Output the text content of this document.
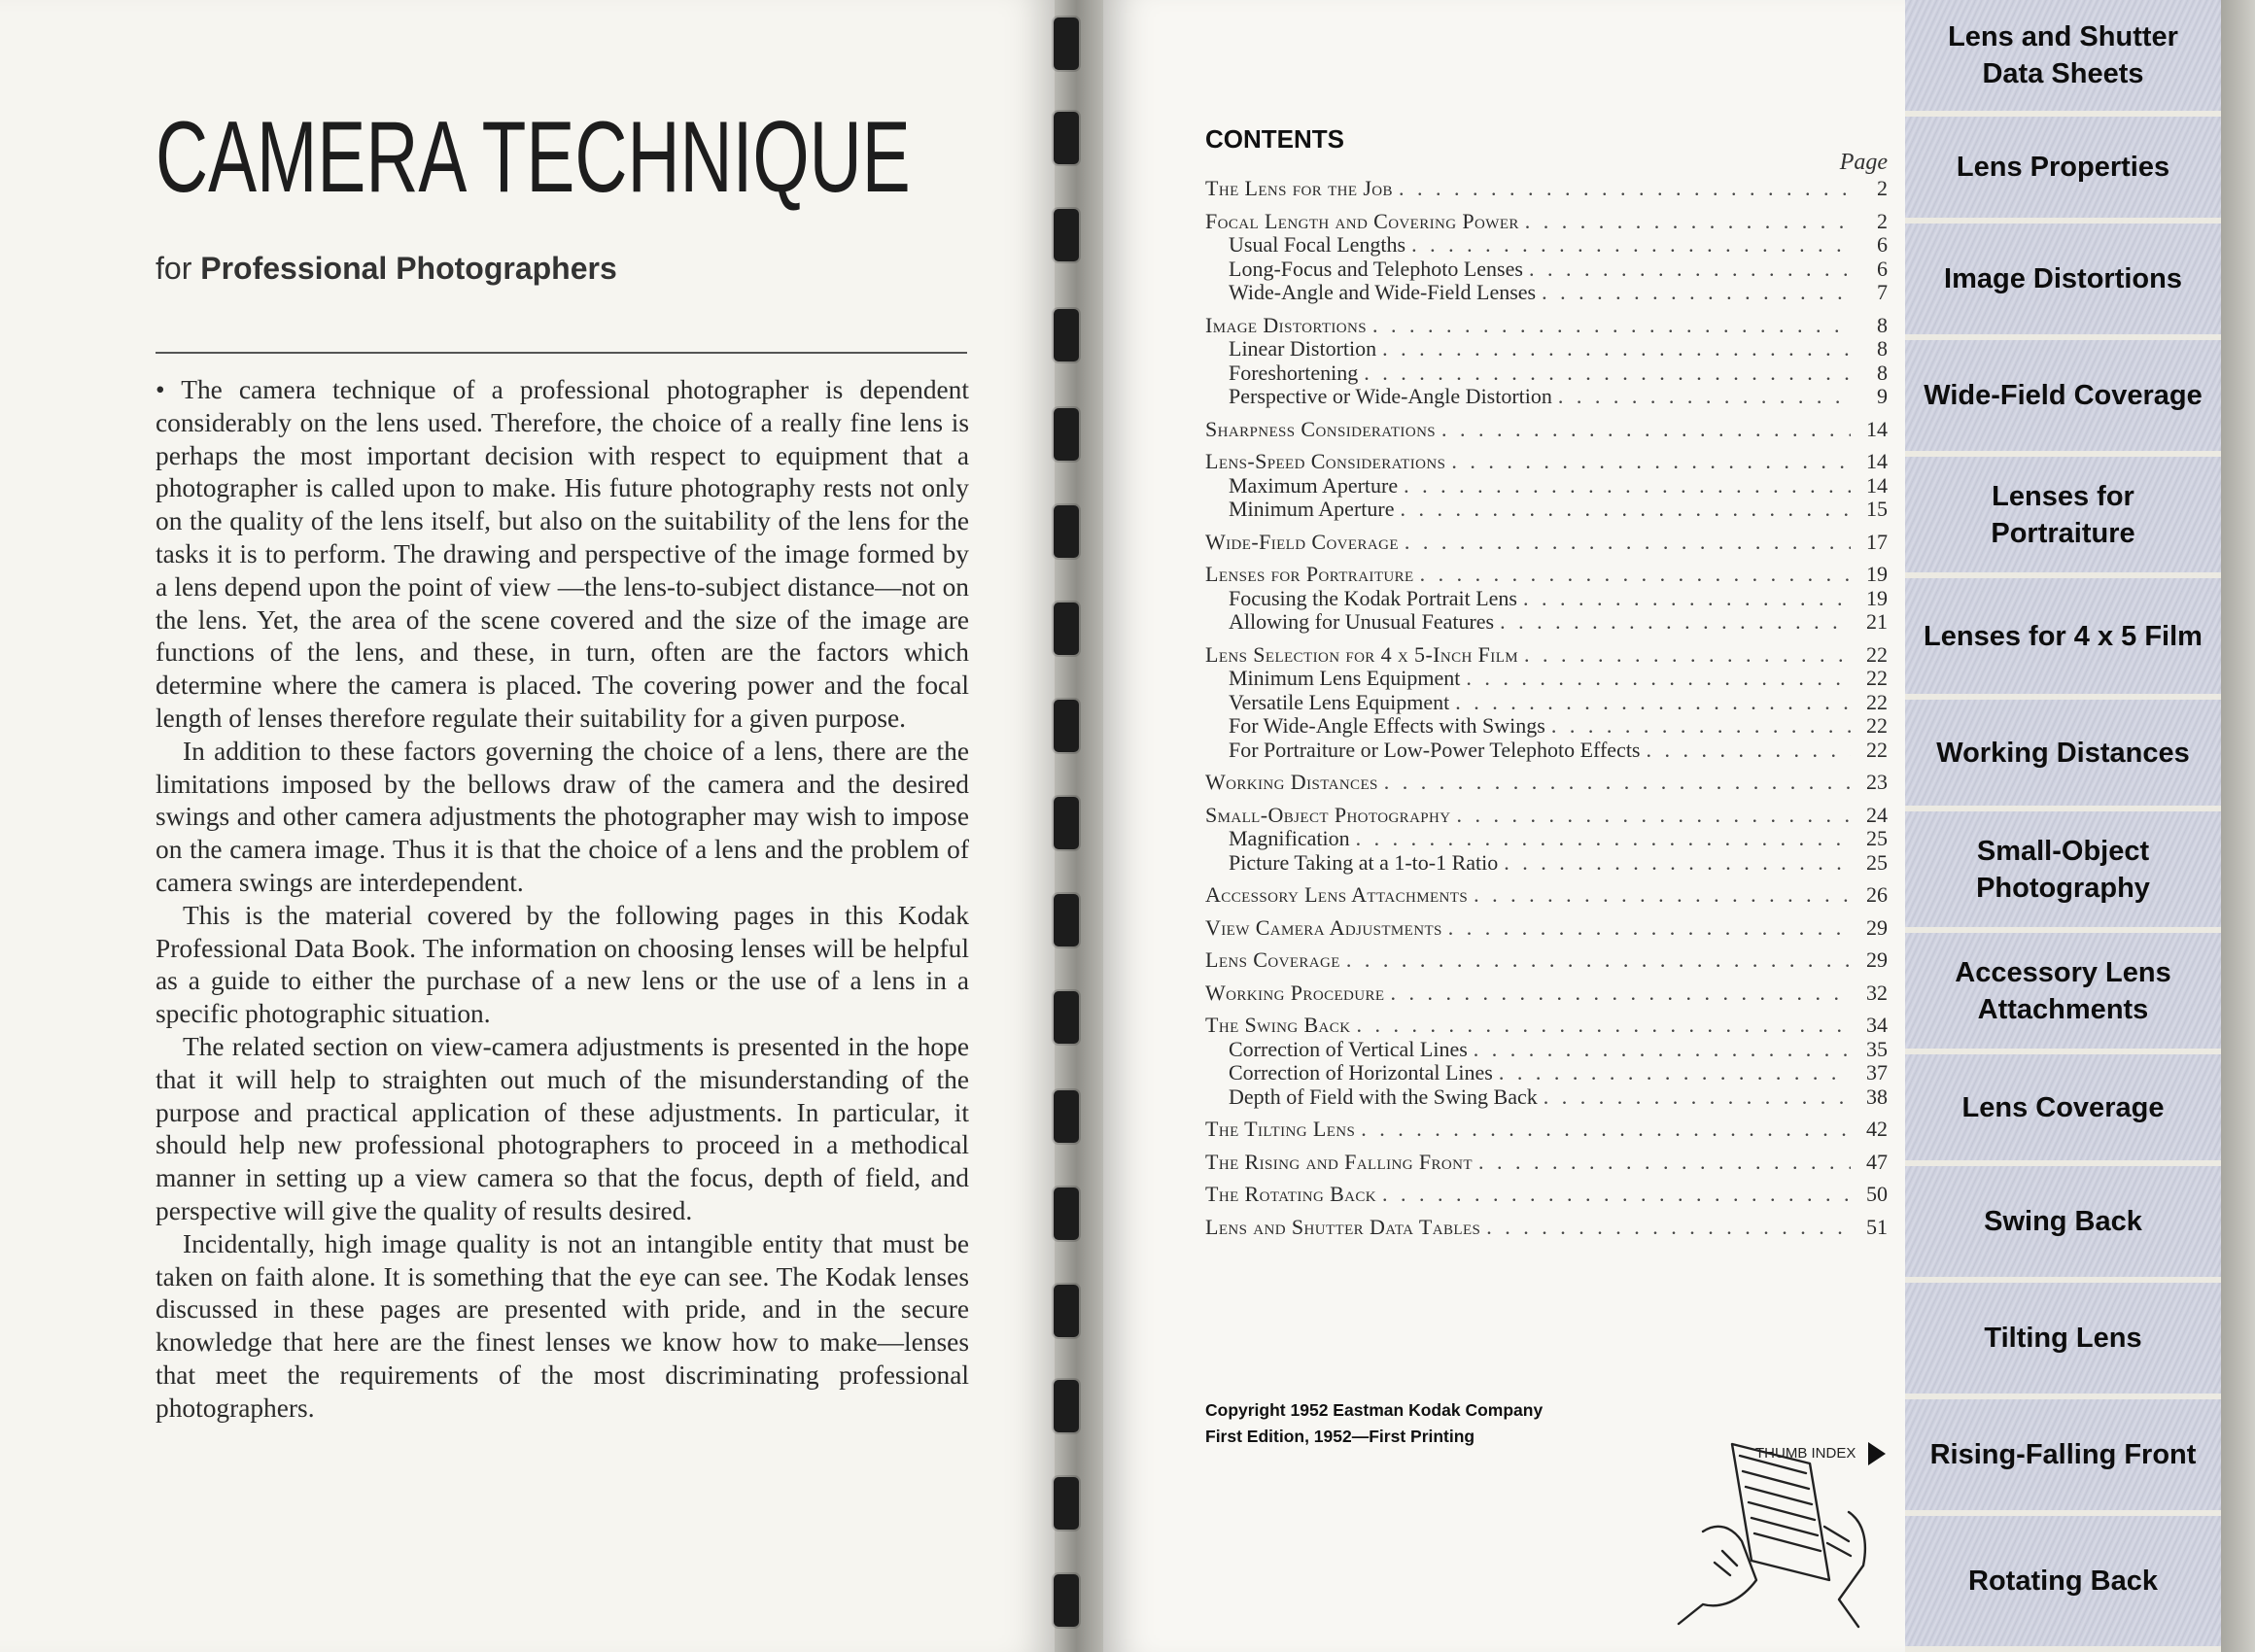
CAMERA TECHNIQUE
for Professional Photographers

• The camera technique of a professional photographer is dependent considerably on the lens used. Therefore, the choice of a really fine lens is perhaps the most important decision with respect to equipment that a photographer is called upon to make. His future photography rests not only on the quality of the lens itself, but also on the suitability of the lens for the tasks it is to perform. The drawing and perspective of the image formed by a lens depend upon the point of view —the lens-to-subject distance—not on the lens. Yet, the area of the scene covered and the size of the image are functions of the lens, and these, in turn, often are the factors which determine where the camera is placed. The covering power and the focal length of lenses therefore regulate their suitability for a given purpose.

In addition to these factors governing the choice of a lens, there are the limitations imposed by the bellows draw of the camera and the desired swings and other camera adjustments the photographer may wish to impose on the camera image. Thus it is that the choice of a lens and the problem of camera swings are interdependent.

This is the material covered by the following pages in this Kodak Professional Data Book. The information on choosing lenses will be helpful as a guide to either the purchase of a new lens or the use of a lens in a specific photographic situation.

The related section on view-camera adjustments is presented in the hope that it will help to straighten out much of the misunderstanding of the purpose and practical application of these adjustments. In particular, it should help new professional photographers to proceed in a methodical manner in setting up a view camera so that the focus, depth of field, and perspective will give the quality of results desired.

Incidentally, high image quality is not an intangible entity that must be taken on faith alone. It is something that the eye can see. The Kodak lenses discussed in these pages are presented with pride, and in the secure knowledge that here are the finest lenses we know how to make—lenses that meet the requirements of the most discriminating professional photographers.

CONTENTS
Page
The Lens for the Job . . .	2
Focal Length and Covering Power . . .	2
Usual Focal Lengths . . .	6
Long-Focus and Telephoto Lenses . . .	6
Wide-Angle and Wide-Field Lenses . . .	7
Image Distortions . . .	8
Linear Distortion . . .	8
Foreshortening . . .	8
Perspective or Wide-Angle Distortion . . .	9
Sharpness Considerations . . .	14
Lens-Speed Considerations . . .	14
Maximum Aperture . . .	14
Minimum Aperture . . .	15
Wide-Field Coverage . . .	17
Lenses for Portraiture . . .	19
Focusing the Kodak Portrait Lens . . .	19
Allowing for Unusual Features . . .	21
Lens Selection for 4 x 5-Inch Film . . .	22
Minimum Lens Equipment . . .	22
Versatile Lens Equipment . . .	22
For Wide-Angle Effects with Swings . . .	22
For Portraiture or Low-Power Telephoto Effects . . .	22
Working Distances . . .	23
Small-Object Photography . . .	24
Magnification . . .	25
Picture Taking at a 1-to-1 Ratio . . .	25
Accessory Lens Attachments . . .	26
View Camera Adjustments . . .	29
Lens Coverage . . .	29
Working Procedure . . .	32
The Swing Back . . .	34
Correction of Vertical Lines . . .	35
Correction of Horizontal Lines . . .	37
Depth of Field with the Swing Back . . .	38
The Tilting Lens . . .	42
The Rising and Falling Front . . .	47
The Rotating Back . . .	50
Lens and Shutter Data Tables . . .	51
Copyright 1952 Eastman Kodak Company
First Edition, 1952—First Printing
THUMB INDEX
Lens and Shutter Data Sheets
Lens Properties
Image Distortions
Wide-Field Coverage
Lenses for Portraiture
Lenses for 4 x 5 Film
Working Distances
Small-Object Photography
Accessory Lens Attachments
Lens Coverage
Swing Back
Tilting Lens
Rising-Falling Front
Rotating Back
